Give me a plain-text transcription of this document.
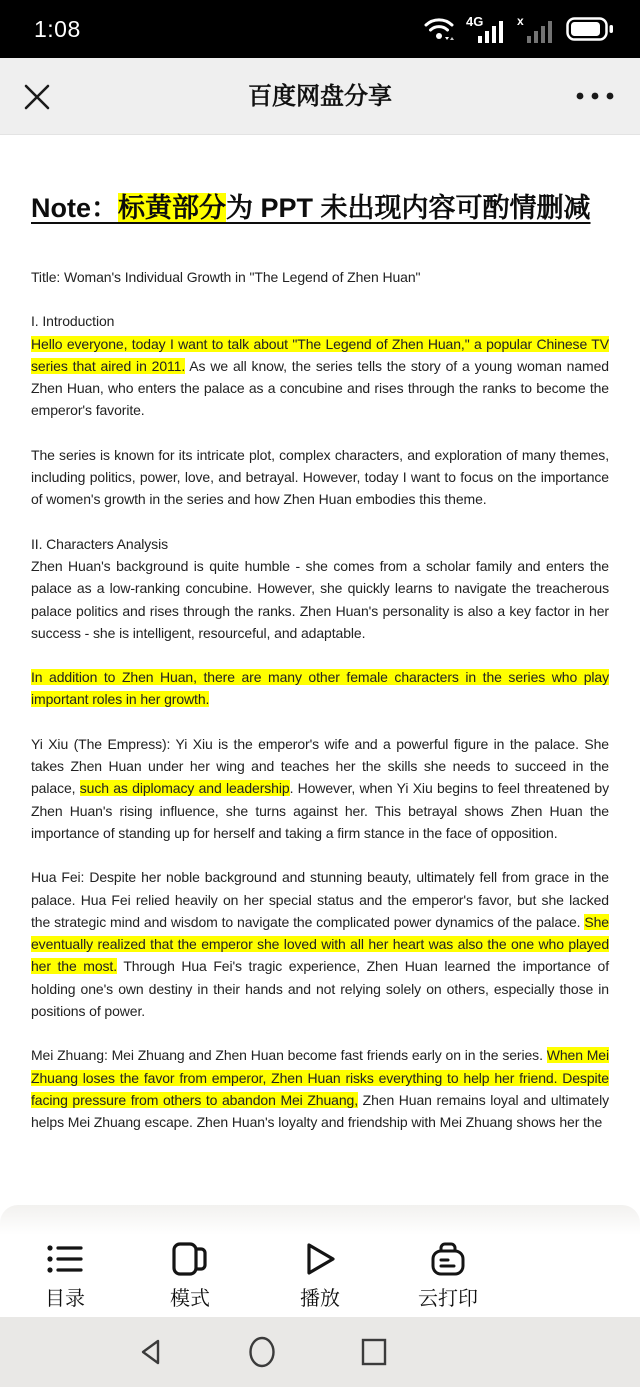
1:08	4G	x
百度网盘分享
Note：标黄部分为 PPT 未出现内容可酌情删减

Title: Woman's Individual Growth in "The Legend of Zhen Huan"

I. Introduction
Hello everyone, today I want to talk about "The Legend of Zhen Huan," a popular Chinese TV series that aired in 2011. As we all know, the series tells the story of a young woman named Zhen Huan, who enters the palace as a concubine and rises through the ranks to become the emperor's favorite.

The series is known for its intricate plot, complex characters, and exploration of many themes, including politics, power, love, and betrayal. However, today I want to focus on the importance of women's growth in the series and how Zhen Huan embodies this theme.

II. Characters Analysis
Zhen Huan's background is quite humble - she comes from a scholar family and enters the palace as a low-ranking concubine. However, she quickly learns to navigate the treacherous palace politics and rises through the ranks. Zhen Huan's personality is also a key factor in her success - she is intelligent, resourceful, and adaptable.

In addition to Zhen Huan, there are many other female characters in the series who play important roles in her growth.

Yi Xiu (The Empress): Yi Xiu is the emperor's wife and a powerful figure in the palace. She takes Zhen Huan under her wing and teaches her the skills she needs to succeed in the palace, such as diplomacy and leadership. However, when Yi Xiu begins to feel threatened by Zhen Huan's rising influence, she turns against her. This betrayal shows Zhen Huan the importance of standing up for herself and taking a firm stance in the face of opposition.

Hua Fei: Despite her noble background and stunning beauty, ultimately fell from grace in the palace. Hua Fei relied heavily on her special status and the emperor's favor, but she lacked the strategic mind and wisdom to navigate the complicated power dynamics of the palace. She eventually realized that the emperor she loved with all her heart was also the one who played her the most. Through Hua Fei's tragic experience, Zhen Huan learned the importance of holding one's own destiny in their hands and not relying solely on others, especially those in positions of power.

Mei Zhuang: Mei Zhuang and Zhen Huan become fast friends early on in the series. When Mei Zhuang loses the favor from emperor, Zhen Huan risks everything to help her friend. Despite facing pressure from others to abandon Mei Zhuang, Zhen Huan remains loyal and ultimately helps Mei Zhuang escape. Zhen Huan's loyalty and friendship with Mei Zhuang shows her the

目录	模式	播放	云打印
